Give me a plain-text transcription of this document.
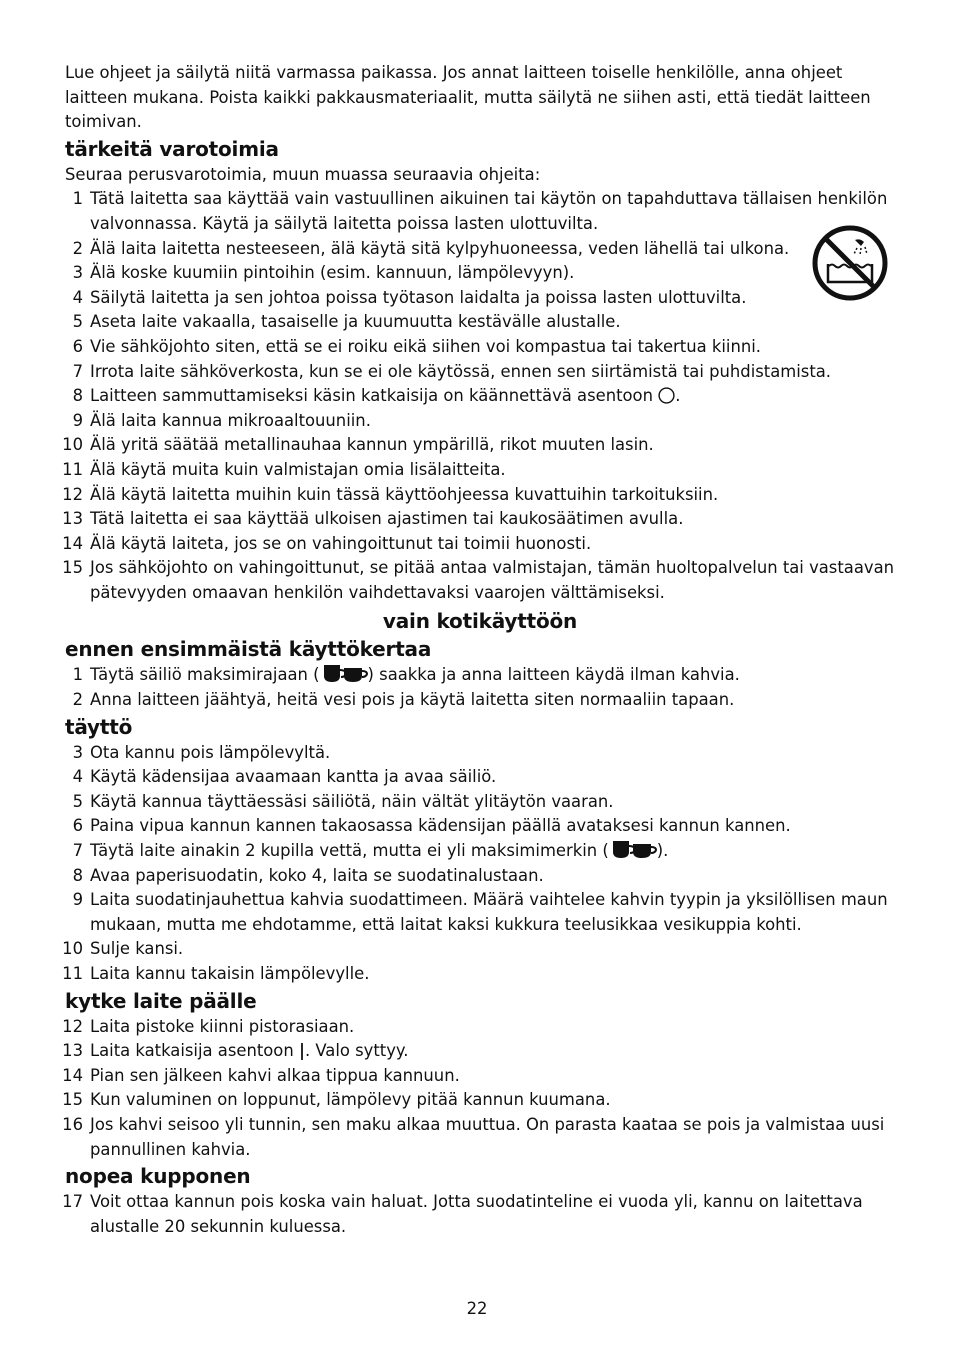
Lue ohjeet ja säilytä niitä varmassa paikassa. Jos annat laitteen toiselle henkilölle, anna ohjeet laitteen mukana. Poista kaikki pakkausmateriaalit, mutta säilytä ne siihen asti, että tiedät laitteen toimivan.

tärkeitä varotoimia

Seuraa perusvarotoimia, muun muassa seuraavia ohjeita:

1 Tätä laitetta saa käyttää vain vastuullinen aikuinen tai käytön on tapahduttava tällaisen henkilön valvonnassa. Käytä ja säilytä laitetta poissa lasten ulottuvilta.
2 Älä laita laitetta nesteeseen, älä käytä sitä kylpyhuoneessa, veden lähellä tai ulkona.
3 Älä koske kuumiin pintoihin (esim. kannuun, lämpölevyyn).
4 Säilytä laitetta ja sen johtoa poissa työtason laidalta ja poissa lasten ulottuvilta.
5 Aseta laite vakaalla, tasaiselle ja kuumuutta kestävälle alustalle.
6 Vie sähköjohto siten, että se ei roiku eikä siihen voi kompastua tai takertua kiinni.
7 Irrota laite sähköverkosta, kun se ei ole käytössä, ennen sen siirtämistä tai puhdistamista.
8 Laitteen sammuttamiseksi käsin katkaisija on käännettävä asentoon .
9 Älä laita kannua mikroaaltouuniin.
10 Älä yritä säätää metallinauhaa kannun ympärillä, rikot muuten lasin.
11 Älä käytä muita kuin valmistajan omia lisälaitteita.
12 Älä käytä laitetta muihin kuin tässä käyttöohjeessa kuvattuihin tarkoituksiin.
13 Tätä laitetta ei saa käyttää ulkoisen ajastimen tai kaukosäätimen avulla.
14 Älä käytä laiteta, jos se on vahingoittunut tai toimii huonosti.
15 Jos sähköjohto on vahingoittunut, se pitää antaa valmistajan, tämän huoltopalvelun tai vastaavan pätevyyden omaavan henkilön vaihdettavaksi vaarojen välttämiseksi.
vain kotikäyttöön
ennen ensimmäistä käyttökertaa
1 Täytä säiliö maksimirajaan (	) saakka ja anna laitteen käydä ilman kahvia.
2 Anna laitteen jäähtyä, heitä vesi pois ja käytä laitetta siten normaaliin tapaan.
täyttö
3 Ota kannu pois lämpölevyltä.
4 Käytä kädensijaa avaamaan kantta ja avaa säiliö.
5 Käytä kannua täyttäessäsi säiliötä, näin vältät ylitäytön vaaran.
6 Paina vipua kannun kannen takaosassa kädensijan päällä avataksesi kannun kannen.
7 Täytä laite ainakin 2 kupilla vettä, mutta ei yli maksimimerkin (	).
8 Avaa paperisuodatin, koko 4, laita se suodatinalustaan.
9 Laita suodatinjauhettua kahvia suodattimeen. Määrä vaihtelee kahvin tyypin ja yksilöllisen maun mukaan, mutta me ehdotamme, että laitat kaksi kukkura teelusikkaa vesikuppia kohti.
10 Sulje kansi.
11 Laita kannu takaisin lämpölevylle.
kytke laite päälle
12 Laita pistoke kiinni pistorasiaan.
13 Laita katkaisija asentoon |. Valo syttyy.
14 Pian sen jälkeen kahvi alkaa tippua kannuun.
15 Kun valuminen on loppunut, lämpölevy pitää kannun kuumana.
16 Jos kahvi seisoo yli tunnin, sen maku alkaa muuttua. On parasta kaataa se pois ja valmistaa uusi pannullinen kahvia.
nopea kupponen
17 Voit ottaa kannun pois koska vain haluat. Jotta suodatinteline ei vuoda yli, kannu on laitettava alustalle 20 sekunnin kuluessa.
22
